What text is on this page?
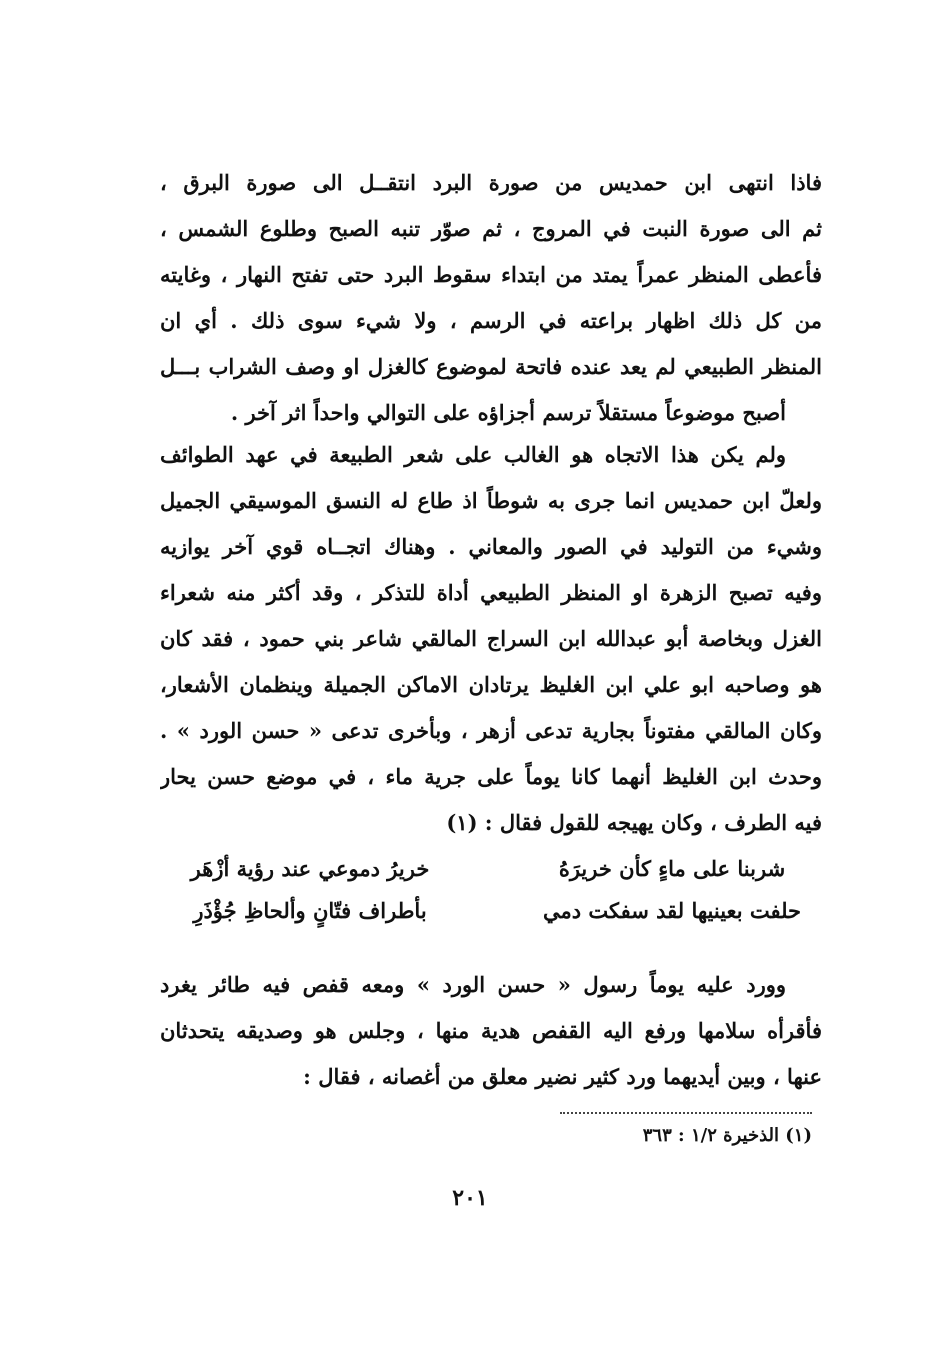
فاذا انتهى ابن حمديس من صورة البرد انتقــل الى صورة البرق ،
ثم الى صورة النبت في المروج ، ثم صوّر تنبه الصبح وطلوع الشمس ،
فأعطى المنظر عمراً يمتد من ابتداء سقوط البرد حتى تفتح النهار ، وغايته
من كل ذلك اظهار براعته في الرسم ، ولا شيء سوى ذلك . أي ان
المنظر الطبيعي لم يعد عنده فاتحة لموضوع كالغزل او وصف الشراب بـــل
أصبح موضوعاً مستقلاً ترسم أجزاؤه على التوالي واحداً اثر آخر .
ولم يكن هذا الاتجاه هو الغالب على شعر الطبيعة في عهد الطوائف
ولعلّ ابن حمديس انما جرى به شوطاً اذ طاع له النسق الموسيقي الجميل
وشيء من التوليد في الصور والمعاني . وهناك اتجــاه قوي آخر يوازيه
وفيه تصبح الزهرة او المنظر الطبيعي أداة للتذكر ، وقد أكثر منه شعراء
الغزل وبخاصة أبو عبدالله ابن السراج المالقي شاعر بني حمود ، فقد كان
هو وصاحبه ابو علي ابن الغليظ يرتادان الاماكن الجميلة وينظمان الأشعار،
وكان المالقي مفتوناً بجارية تدعى أزهر ، وبأخرى تدعى « حسن الورد » .
وحدث ابن الغليظ أنهما كانا يوماً على جرية ماء ، في موضع حسن يحار
فيه الطرف ، وكان يهيجه للقول فقال : (١)
شربنا على ماءٍ كأن خريرَهُ
خريرُ دموعي عند رؤية أزْهَر
حلفت بعينيها لقد سفكت دمي
بأطراف فتّانٍ وألحاظِ جُؤْذَرِ
وورد عليه يوماً رسول « حسن الورد » ومعه قفص فيه طائر يغرد
فأقرأه سلامها ورفع اليه القفص هدية منها ، وجلس هو وصديقه يتحدثان
عنها ، وبين أيديهما ورد كثير نضير معلق من أغصانه ، فقال :
(١) الذخيرة ١/٢ : ٣٦٣
٢٠١
